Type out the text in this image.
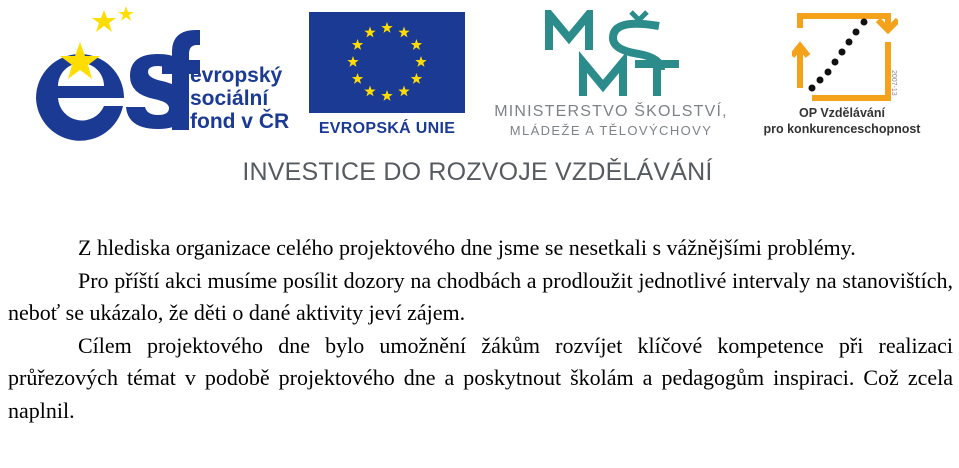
evropský
sociální
fond v ČR	EVROPSKÁ UNIE
MINISTERSTVO ŠKOLSTVÍ,
MLÁDEŽE A TĚLOVÝCHOVY
2007-13
OP Vzdělávání
pro konkurenceschopnost
INVESTICE DO ROZVOJE VZDĚLÁVÁNÍ

Z hlediska organizace celého projektového dne jsme se nesetkali s vážnějšími problémy.

Pro příští akci musíme posílit dozory na chodbách a prodloužit jednotlivé intervaly na stanovištích, neboť se ukázalo, že děti o dané aktivity jeví zájem.

Cílem projektového dne bylo umožnění žákům rozvíjet klíčové kompetence při realizaci průřezových témat v podobě projektového dne a poskytnout školám a pedagogům inspiraci. Což zcela naplnil.
